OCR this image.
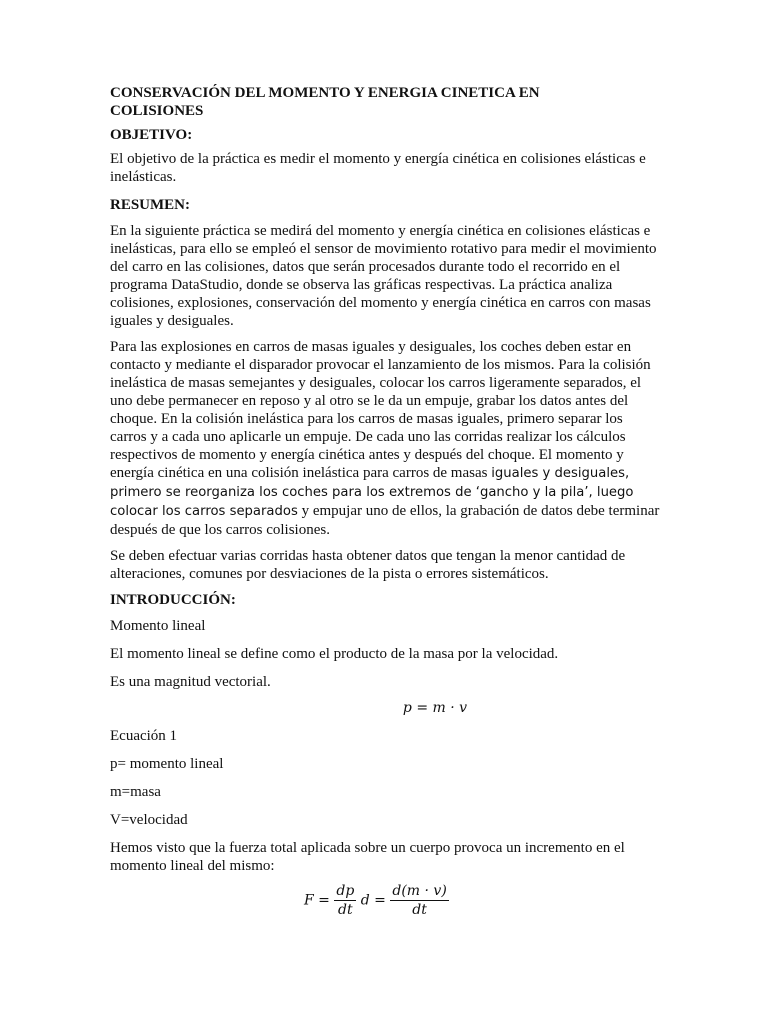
CONSERVACIÓN DEL MOMENTO Y ENERGIA CINETICA EN
COLISIONES

OBJETIVO:

El objetivo de la práctica es medir el momento y energía cinética en colisiones elásticas e inelásticas.

RESUMEN:

En la siguiente práctica se medirá del momento y energía cinética en colisiones elásticas e inelásticas, para ello se empleó el sensor de movimiento rotativo para medir el movimiento del carro en las colisiones, datos que serán procesados durante todo el recorrido en el programa DataStudio, donde se observa las gráficas respectivas. La práctica analiza colisiones, explosiones, conservación del momento y energía cinética en carros con masas iguales y desiguales.

Para las explosiones en carros de masas iguales y desiguales, los coches deben estar en contacto y mediante el disparador provocar el lanzamiento de los mismos. Para la colisión inelástica de masas semejantes y desiguales, colocar los carros ligeramente separados, el uno debe permanecer en reposo y al otro se le da un empuje, grabar los datos antes del choque. En la colisión inelástica para los carros de masas iguales, primero separar los carros y a cada uno aplicarle un empuje. De cada uno las corridas realizar los cálculos respectivos de momento y energía cinética antes y después del choque. El momento y energía cinética en una colisión inelástica para carros de masas iguales y desiguales, primero se reorganiza los coches para los extremos de ‘gancho y la pila’, luego colocar los carros separados y empujar uno de ellos, la grabación de datos debe terminar después de que los carros colisiones.

Se deben efectuar varias corridas hasta obtener datos que tengan la menor cantidad de alteraciones, comunes por desviaciones de la pista o errores sistemáticos.

INTRODUCCIÓN:

Momento lineal

El momento lineal se define como el producto de la masa por la velocidad.

Es una magnitud vectorial.

p = m · v

Ecuación 1

p= momento lineal

m=masa

V=velocidad

Hemos visto que la fuerza total aplicada sobre un cuerpo provoca un incremento en el momento lineal del mismo:

$F = \frac{dp}{dt}$ $d = \frac{d(m \cdot v)}{dt}$
